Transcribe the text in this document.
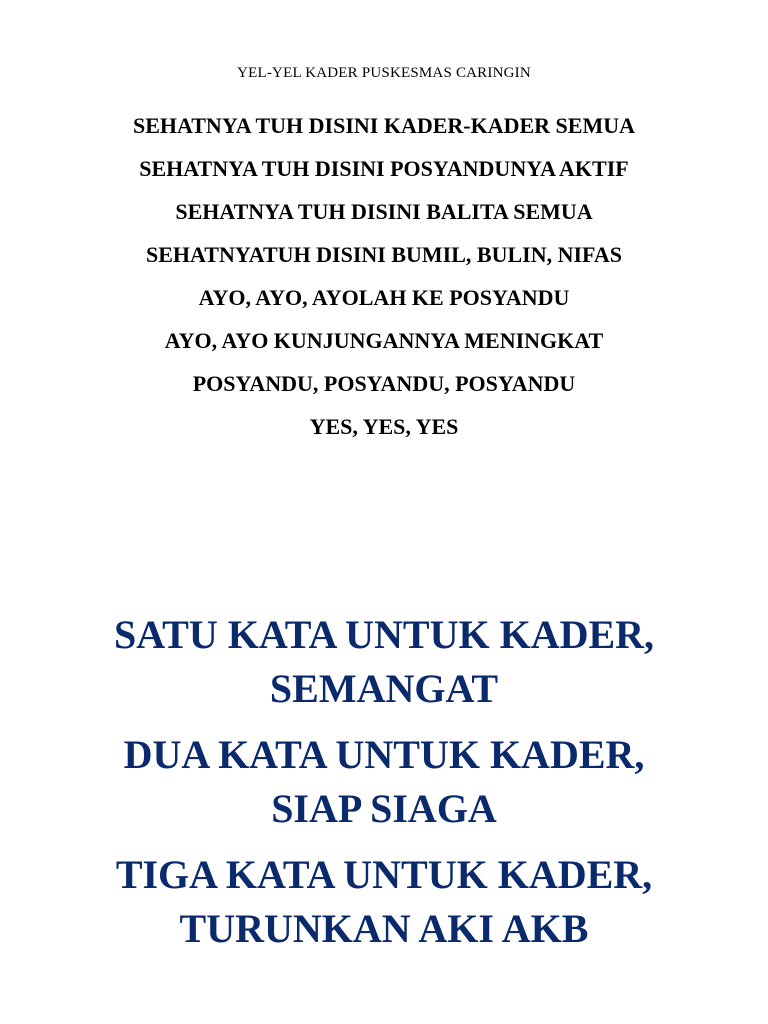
YEL-YEL KADER PUSKESMAS CARINGIN
SEHATNYA TUH DISINI KADER-KADER SEMUA
SEHATNYA TUH DISINI POSYANDUNYA AKTIF
SEHATNYA TUH DISINI BALITA SEMUA
SEHATNYATUH DISINI BUMIL, BULIN, NIFAS
AYO, AYO, AYOLAH KE POSYANDU
AYO, AYO KUNJUNGANNYA MENINGKAT
POSYANDU, POSYANDU, POSYANDU
YES, YES, YES

SATU KATA UNTUK KADER,
SEMANGAT

DUA KATA UNTUK KADER,
SIAP SIAGA

TIGA KATA UNTUK KADER,
TURUNKAN AKI AKB
